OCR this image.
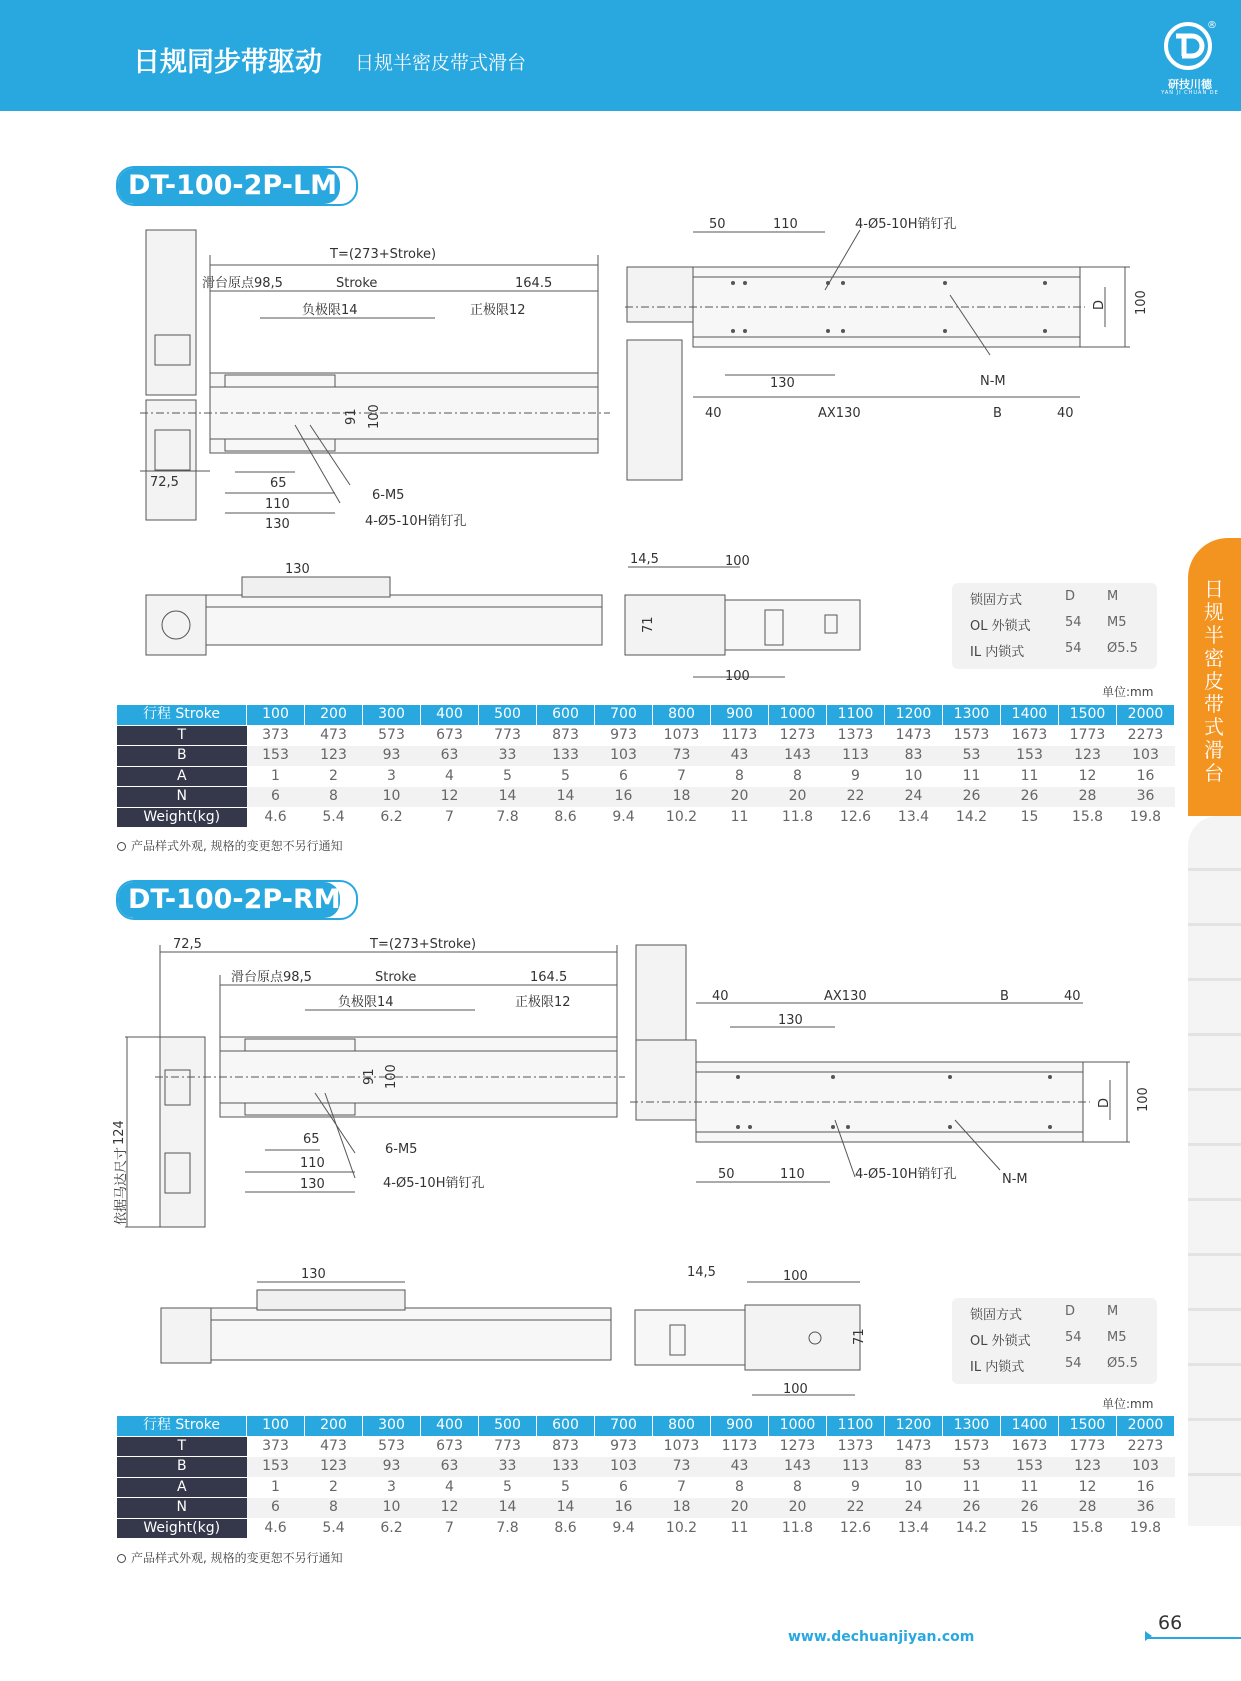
日规同步带驱动 日规半密皮带式滑台
®
研技川德
YAN JI CHUAN DE
日规半密皮带式滑台
DT-100-2P-LM
T=(273+Stroke)
滑台原点98,5	Stroke	164.5
负极限14	正极限12
72,5	65
110
130
6-M5
4-Ø5-10H销钉孔
91 100
50	110	4-Ø5-10H销钉孔
D 100
N-M
130
40	AX130	B	40
130
14,5	100
71
100
锁固方式	D M
OL 外锁式	54 M5
IL 内锁式	54 Ø5.5
单位:mm
行程 Stroke	100	200	300	400	500	600	700	800	900	1000	1100	1200	1300	1400	1500	2000
T	373	473	573	673	773	873	973	1073	1173	1273	1373	1473	1573	1673	1773	2273
B	153	123	93	63	33	133	103	73	43	143	113	83	53	153	123	103
A	1	2	3	4	5	5	6	7	8	8	9	10	11	11	12	16
N	6	8	10	12	14	14	16	18	20	20	22	24	26	26	28	36
Weight(kg)	4.6	5.4	6.2	7	7.8	8.6	9.4	10.2	11	11.8	12.6	13.4	14.2	15	15.8	19.8
产品样式外观, 规格的变更恕不另行通知
DT-100-2P-RM
72,5	T=(273+Stroke)
滑台原点98,5	Stroke	164.5
负极限14	正极限12
124
依据马达尺寸
91 100
65
6-M5
110
130	4-Ø5-10H销钉孔
40	AX130	B	40
130
D 100
50	110	4-Ø5-10H销钉孔	N-M
130	14,5	100
71
100
锁固方式	D M
OL 外锁式	54 M5
IL 内锁式	54 Ø5.5
单位:mm
行程 Stroke	100	200	300	400	500	600	700	800	900	1000	1100	1200	1300	1400	1500	2000
T	373	473	573	673	773	873	973	1073	1173	1273	1373	1473	1573	1673	1773	2273
B	153	123	93	63	33	133	103	73	43	143	113	83	53	153	123	103
A	1	2	3	4	5	5	6	7	8	8	9	10	11	11	12	16
N	6	8	10	12	14	14	16	18	20	20	22	24	26	26	28	36
Weight(kg)	4.6	5.4	6.2	7	7.8	8.6	9.4	10.2	11	11.8	12.6	13.4	14.2	15	15.8	19.8
产品样式外观, 规格的变更恕不另行通知
www.dechuanjiyan.com
66
